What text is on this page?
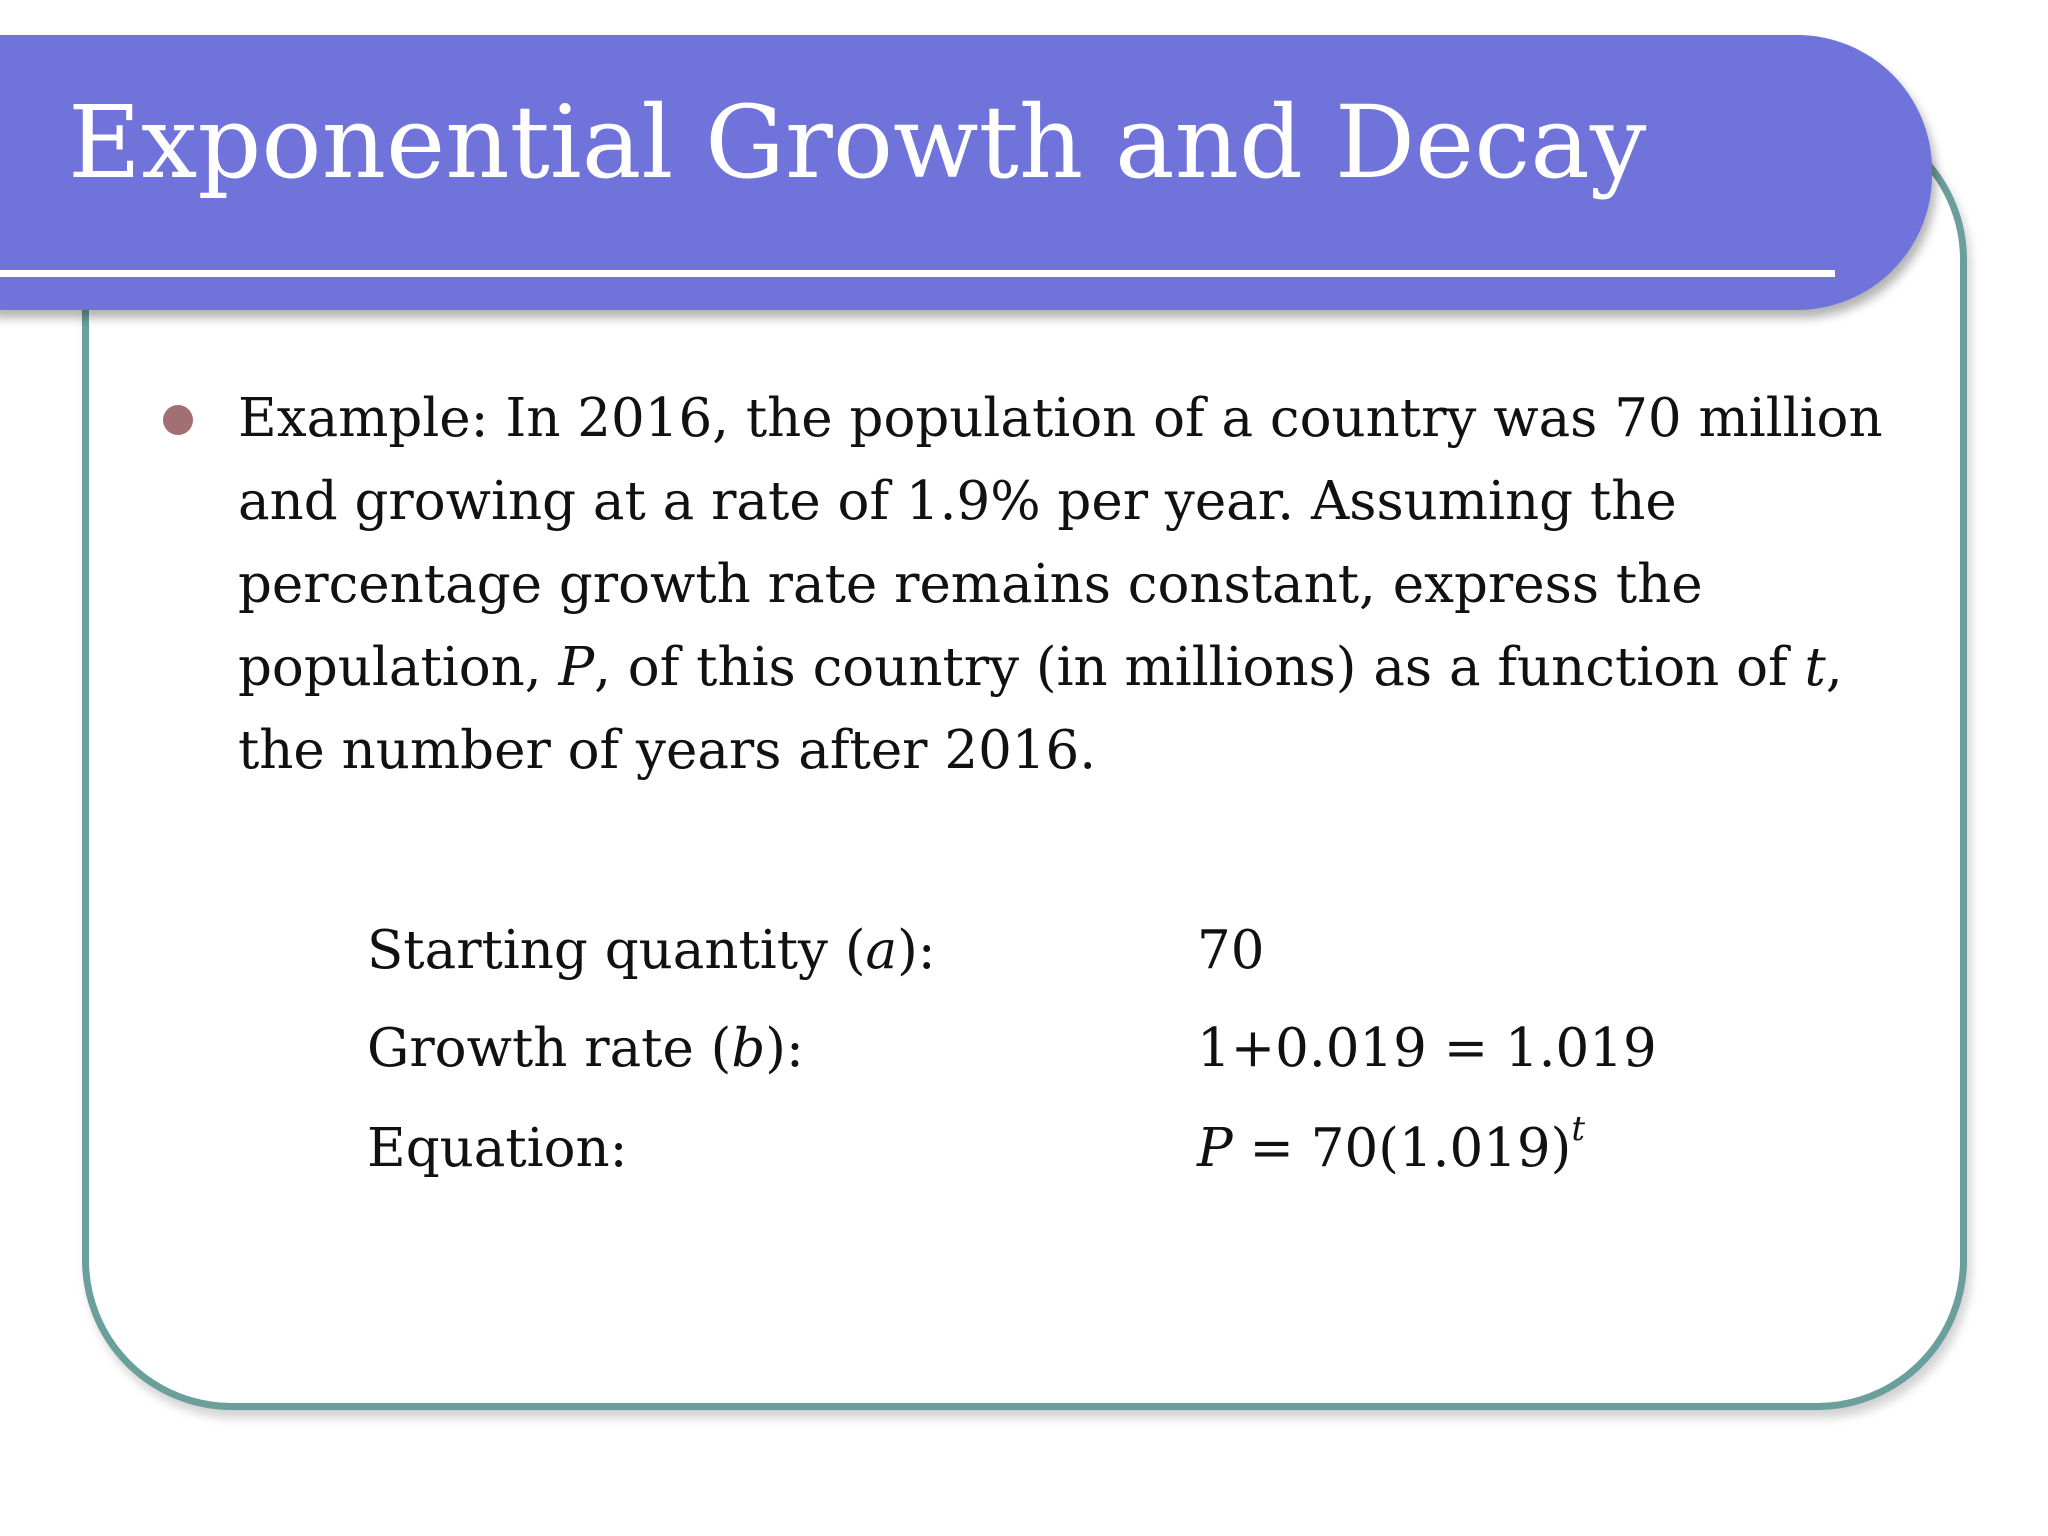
Exponential Growth and Decay

Example: In 2016, the population of a country was 70 million and growing at a rate of 1.9% per year. Assuming the percentage growth rate remains constant, express the population, P, of this country (in millions) as a function of t, the number of years after 2016.

Starting quantity (a):	70
Growth rate (b):	1+0.019 = 1.019
Equation:	$P = 70(1.019)^t$
